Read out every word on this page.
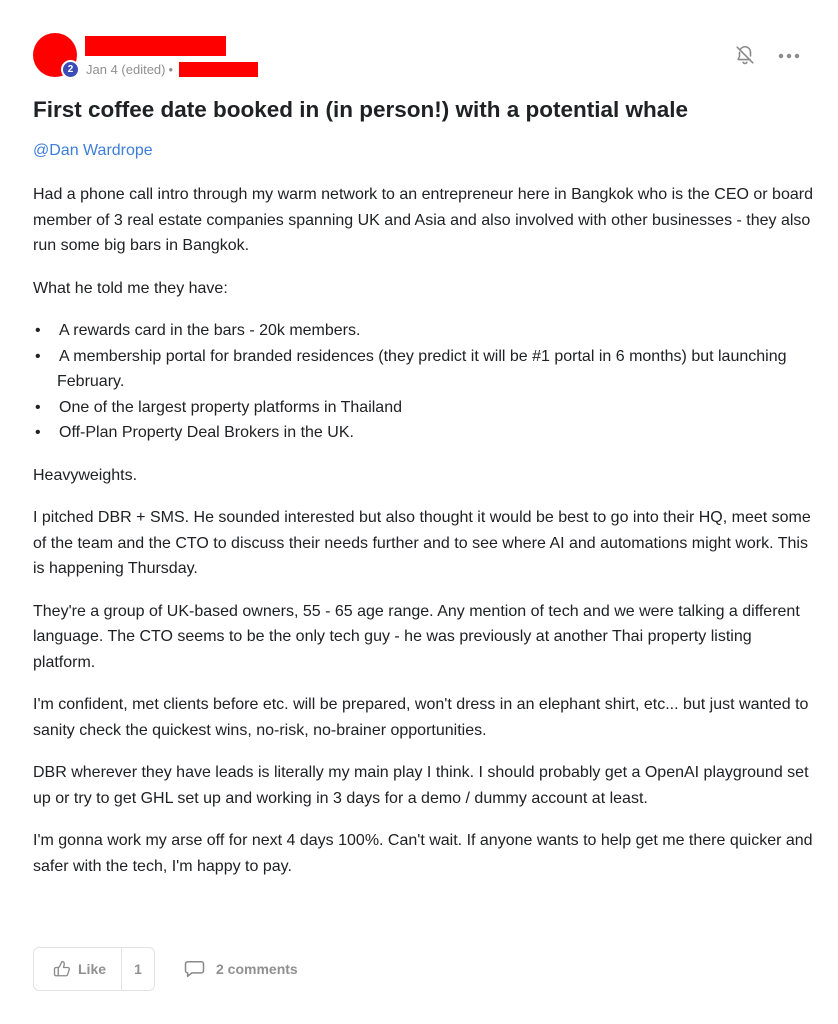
2 Jan 4 (edited) •
First coffee date booked in (in person!) with a potential whale
@Dan Wardrope

Had a phone call intro through my warm network to an entrepreneur here in Bangkok who is the CEO or board member of 3 real estate companies spanning UK and Asia and also involved with other businesses - they also run some big bars in Bangkok.

What he told me they have:

• A rewards card in the bars - 20k members.
• A membership portal for branded residences (they predict it will be #1 portal in 6 months) but launching February.
• One of the largest property platforms in Thailand
• Off-Plan Property Deal Brokers in the UK.

Heavyweights.

I pitched DBR + SMS. He sounded interested but also thought it would be best to go into their HQ, meet some of the team and the CTO to discuss their needs further and to see where AI and automations might work. This is happening Thursday.

They're a group of UK-based owners, 55 - 65 age range. Any mention of tech and we were talking a different language. The CTO seems to be the only tech guy - he was previously at another Thai property listing platform.

I'm confident, met clients before etc. will be prepared, won't dress in an elephant shirt, etc... but just wanted to sanity check the quickest wins, no-risk, no-brainer opportunities.

DBR wherever they have leads is literally my main play I think. I should probably get a OpenAI playground set up or try to get GHL set up and working in 3 days for a demo / dummy account at least.

I'm gonna work my arse off for next 4 days 100%. Can't wait. If anyone wants to help get me there quicker and safer with the tech, I'm happy to pay.

Like	1	2 comments
